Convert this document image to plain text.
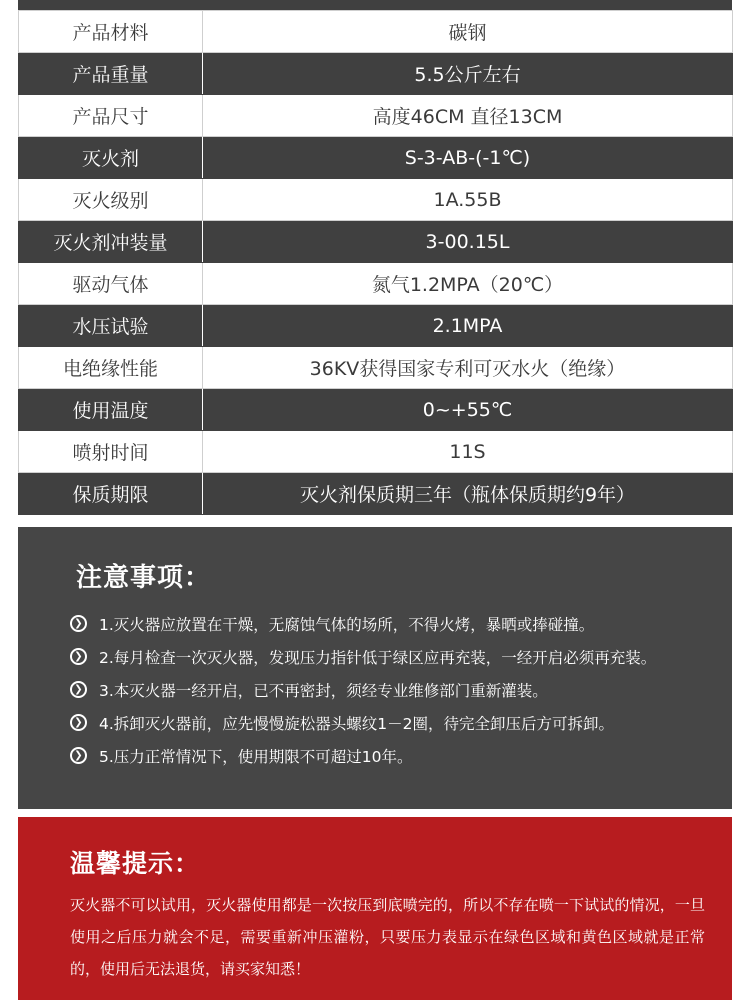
产品材料	碳钢
产品重量	5.5公斤左右
产品尺寸	高度46CM 直径13CM
灭火剂	S-3-AB-(-1℃)
灭火级别	1A.55B
灭火剂冲装量	3-00.15L
驱动气体	氮气1.2MPA（20℃）
水压试验	2.1MPA
电绝缘性能	36KV获得国家专利可灭水火（绝缘）
使用温度	0~+55℃
喷射时间	11S
保质期限	灭火剂保质期三年（瓶体保质期约9年）
注意事项：
❯ 1.灭火器应放置在干燥，无腐蚀气体的场所，不得火烤，暴晒或捧碰撞。
❯ 2.每月检查一次灭火器，发现压力指针低于绿区应再充装，一经开启必须再充装。
❯ 3.本灭火器一经开启，已不再密封，须经专业维修部门重新灌装。
❯ 4.拆卸灭火器前，应先慢慢旋松器头螺纹1－2圈，待完全卸压后方可拆卸。
❯ 5.压力正常情况下，使用期限不可超过10年。
温馨提示：

灭火器不可以试用，灭火器使用都是一次按压到底喷完的，所以不存在喷一下试试的情况，一旦使用之后压力就会不足，需要重新冲压灌粉，只要压力表显示在绿色区域和黄色区域就是正常的，使用后无法退货，请买家知悉！
